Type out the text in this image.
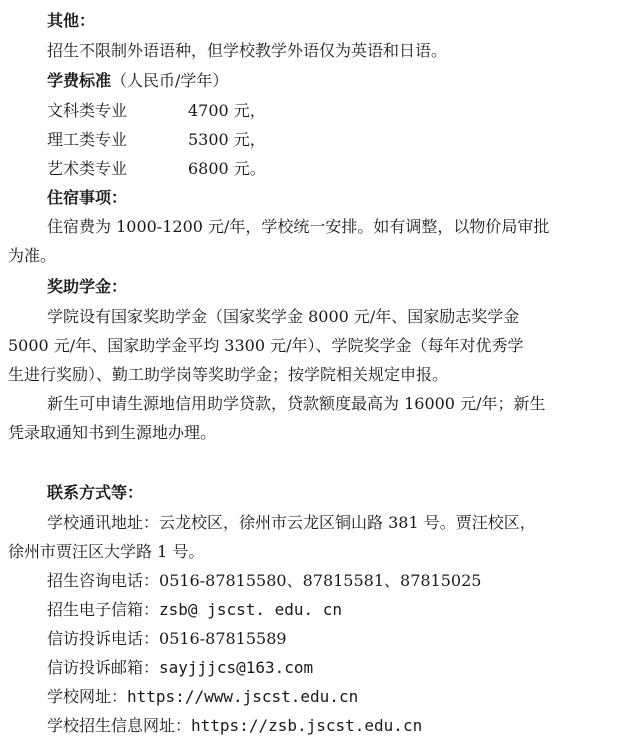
其他：
招生不限制外语语种，但学校教学外语仅为英语和日语。
学费标准（人民币/学年）
文科类专业	4700 元，
理工类专业	5300 元，
艺术类专业	6800 元。
住宿事项：
住宿费为 1000-1200 元/年，学校统一安排。如有调整，以物价局审批
为准。
奖助学金：
学院设有国家奖助学金（国家奖学金 8000 元/年、国家励志奖学金
5000 元/年、国家助学金平均 3300 元/年）、学院奖学金（每年对优秀学
生进行奖励）、勤工助学岗等奖助学金；按学院相关规定申报。
新生可申请生源地信用助学贷款，贷款额度最高为 16000 元/年；新生
凭录取通知书到生源地办理。
联系方式等：
学校通讯地址：云龙校区，徐州市云龙区铜山路 381 号。贾汪校区，
徐州市贾汪区大学路 1 号。
招生咨询电话：0516-87815580、87815581、87815025
招生电子信箱：zsb@ jscst. edu. cn
信访投诉电话：0516-87815589
信访投诉邮箱：sayjjjcs@163.com
学校网址：https://www.jscst.edu.cn
学校招生信息网址：https://zsb.jscst.edu.cn
